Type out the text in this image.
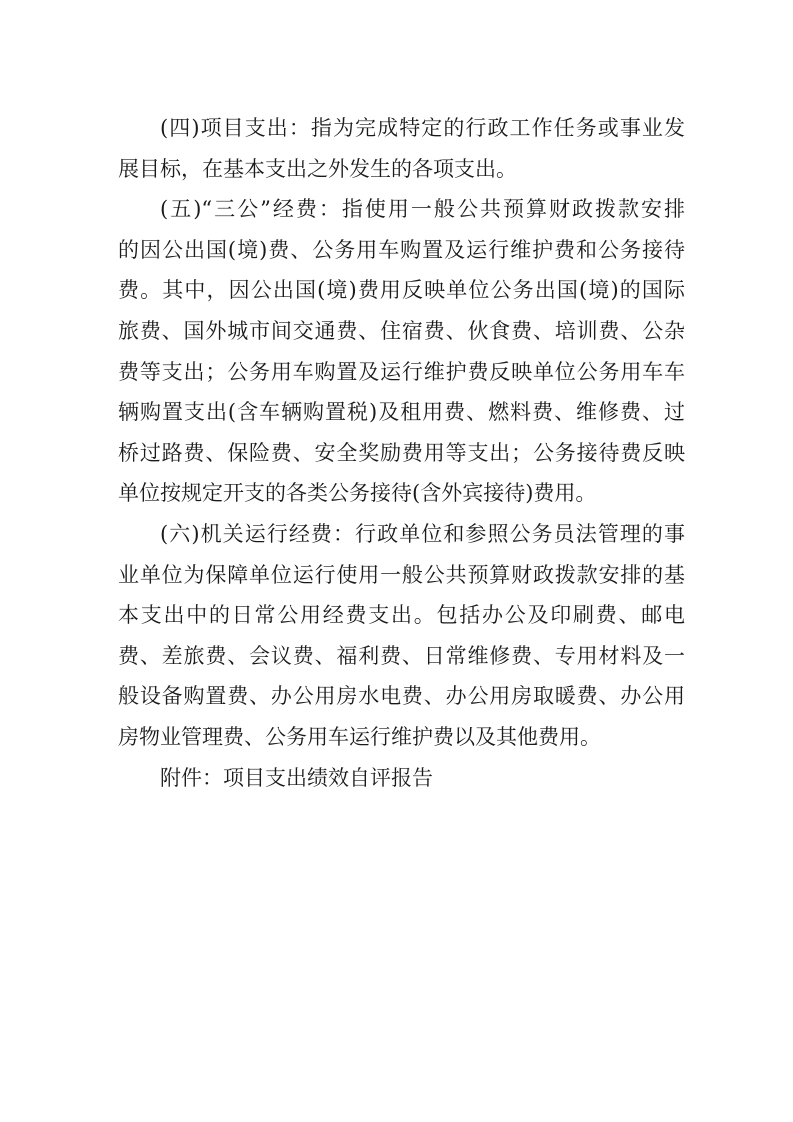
(四)项目支出：指为完成特定的行政工作任务或事业发
展目标，在基本支出之外发生的各项支出。
(五)“三公”经费：指使用一般公共预算财政拨款安排
的因公出国(境)费、公务用车购置及运行维护费和公务接待
费。其中，因公出国(境)费用反映单位公务出国(境)的国际
旅费、国外城市间交通费、住宿费、伙食费、培训费、公杂
费等支出；公务用车购置及运行维护费反映单位公务用车车
辆购置支出(含车辆购置税)及租用费、燃料费、维修费、过
桥过路费、保险费、安全奖励费用等支出；公务接待费反映
单位按规定开支的各类公务接待(含外宾接待)费用。
(六)机关运行经费：行政单位和参照公务员法管理的事
业单位为保障单位运行使用一般公共预算财政拨款安排的基
本支出中的日常公用经费支出。包括办公及印刷费、邮电
费、差旅费、会议费、福利费、日常维修费、专用材料及一
般设备购置费、办公用房水电费、办公用房取暖费、办公用
房物业管理费、公务用车运行维护费以及其他费用。
附件：项目支出绩效自评报告
